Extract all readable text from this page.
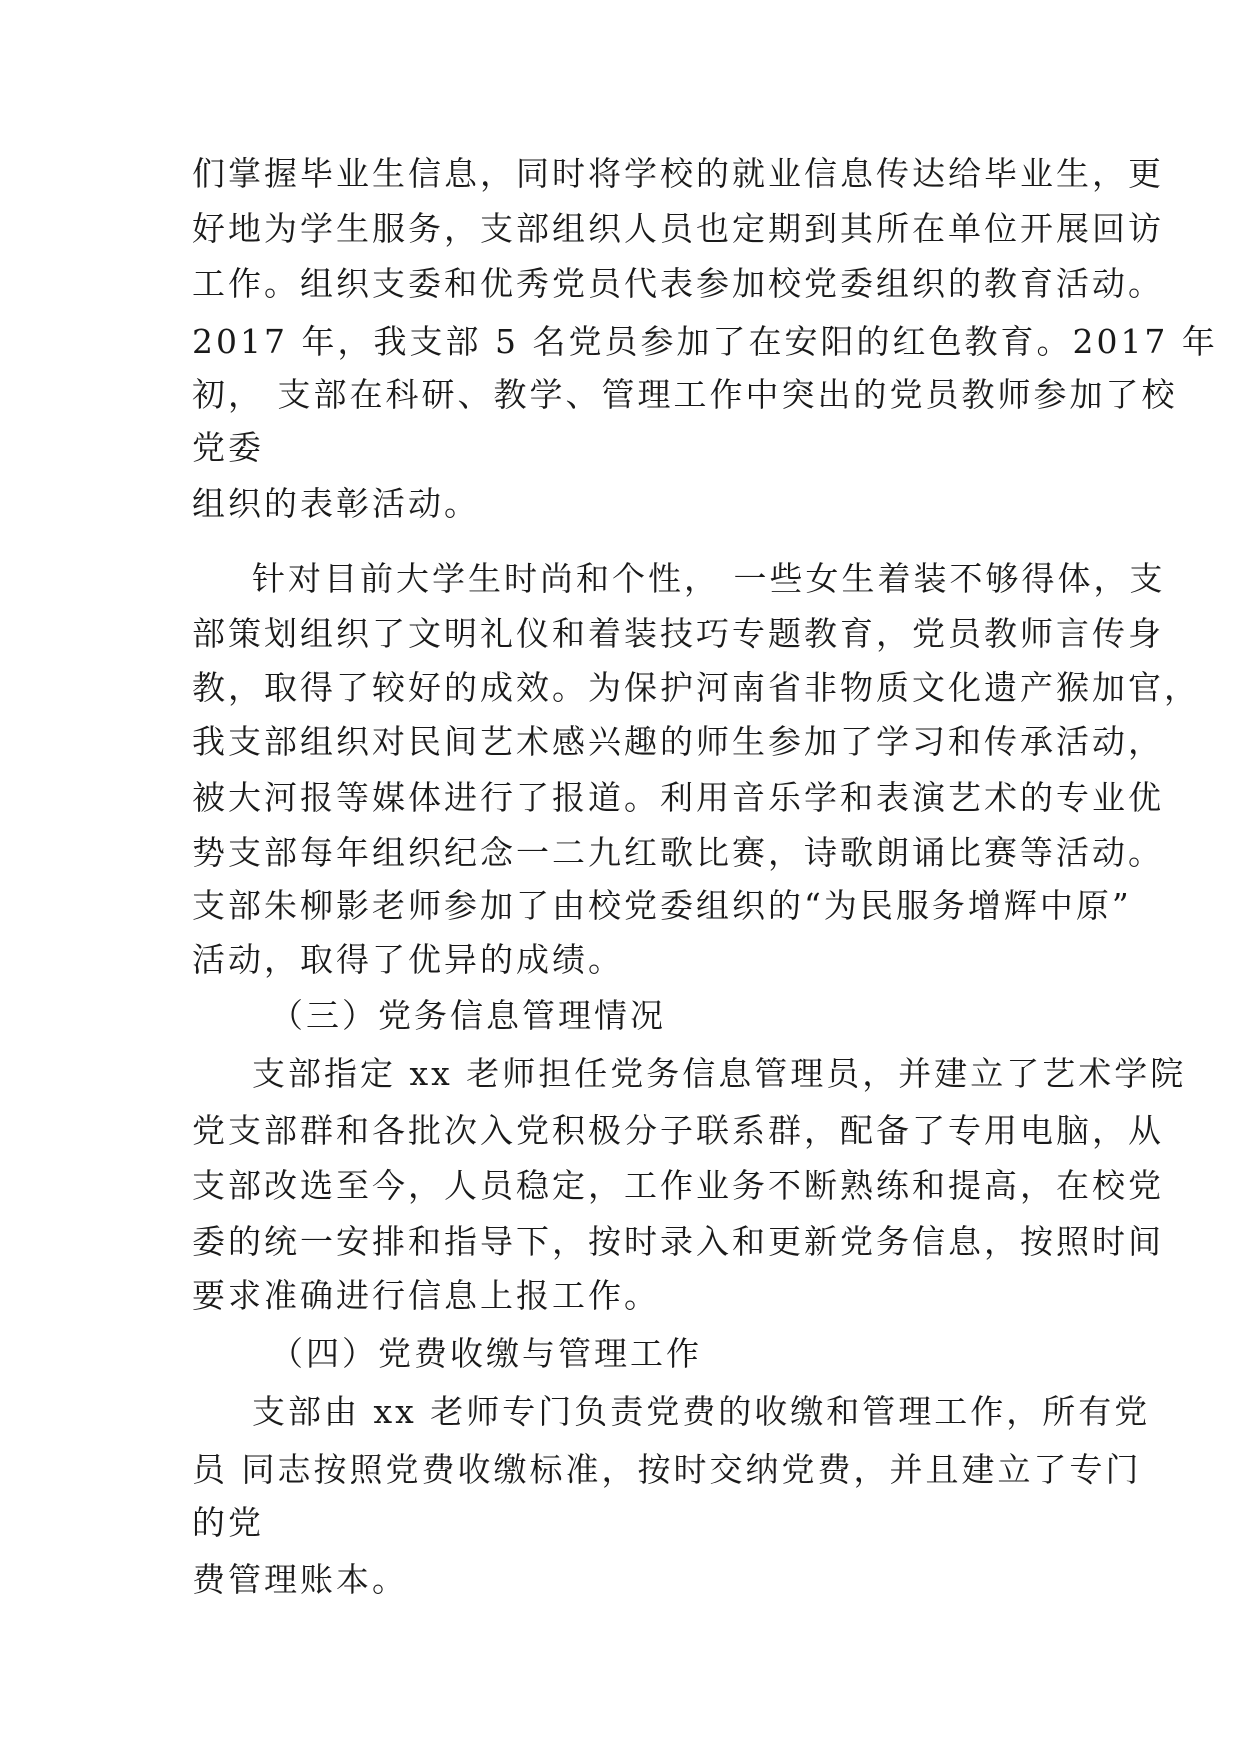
们掌握毕业生信息，同时将学校的就业信息传达给毕业生，更
好地为学生服务，支部组织人员也定期到其所在单位开展回访
工作。组织支委和优秀党员代表参加校党委组织的教育活动。
2017 年，我支部 5 名党员参加了在安阳的红色教育。2017 年
初， 支部在科研、教学、管理工作中突出的党员教师参加了校
党委
组织的表彰活动。
针对目前大学生时尚和个性， 一些女生着装不够得体，支
部策划组织了文明礼仪和着装技巧专题教育，党员教师言传身
教，取得了较好的成效。为保护河南省非物质文化遗产猴加官，
我支部组织对民间艺术感兴趣的师生参加了学习和传承活动，
被大河报等媒体进行了报道。利用音乐学和表演艺术的专业优
势支部每年组织纪念一二九红歌比赛，诗歌朗诵比赛等活动。
支部朱柳影老师参加了由校党委组织的“为民服务增辉中原”
活动，取得了优异的成绩。
（三）党务信息管理情况
支部指定 xx 老师担任党务信息管理员，并建立了艺术学院
党支部群和各批次入党积极分子联系群，配备了专用电脑，从
支部改选至今，人员稳定，工作业务不断熟练和提高，在校党
委的统一安排和指导下，按时录入和更新党务信息，按照时间
要求准确进行信息上报工作。
（四）党费收缴与管理工作
支部由 xx 老师专门负责党费的收缴和管理工作，所有党
员 同志按照党费收缴标准，按时交纳党费，并且建立了专门
的党
费管理账本。
